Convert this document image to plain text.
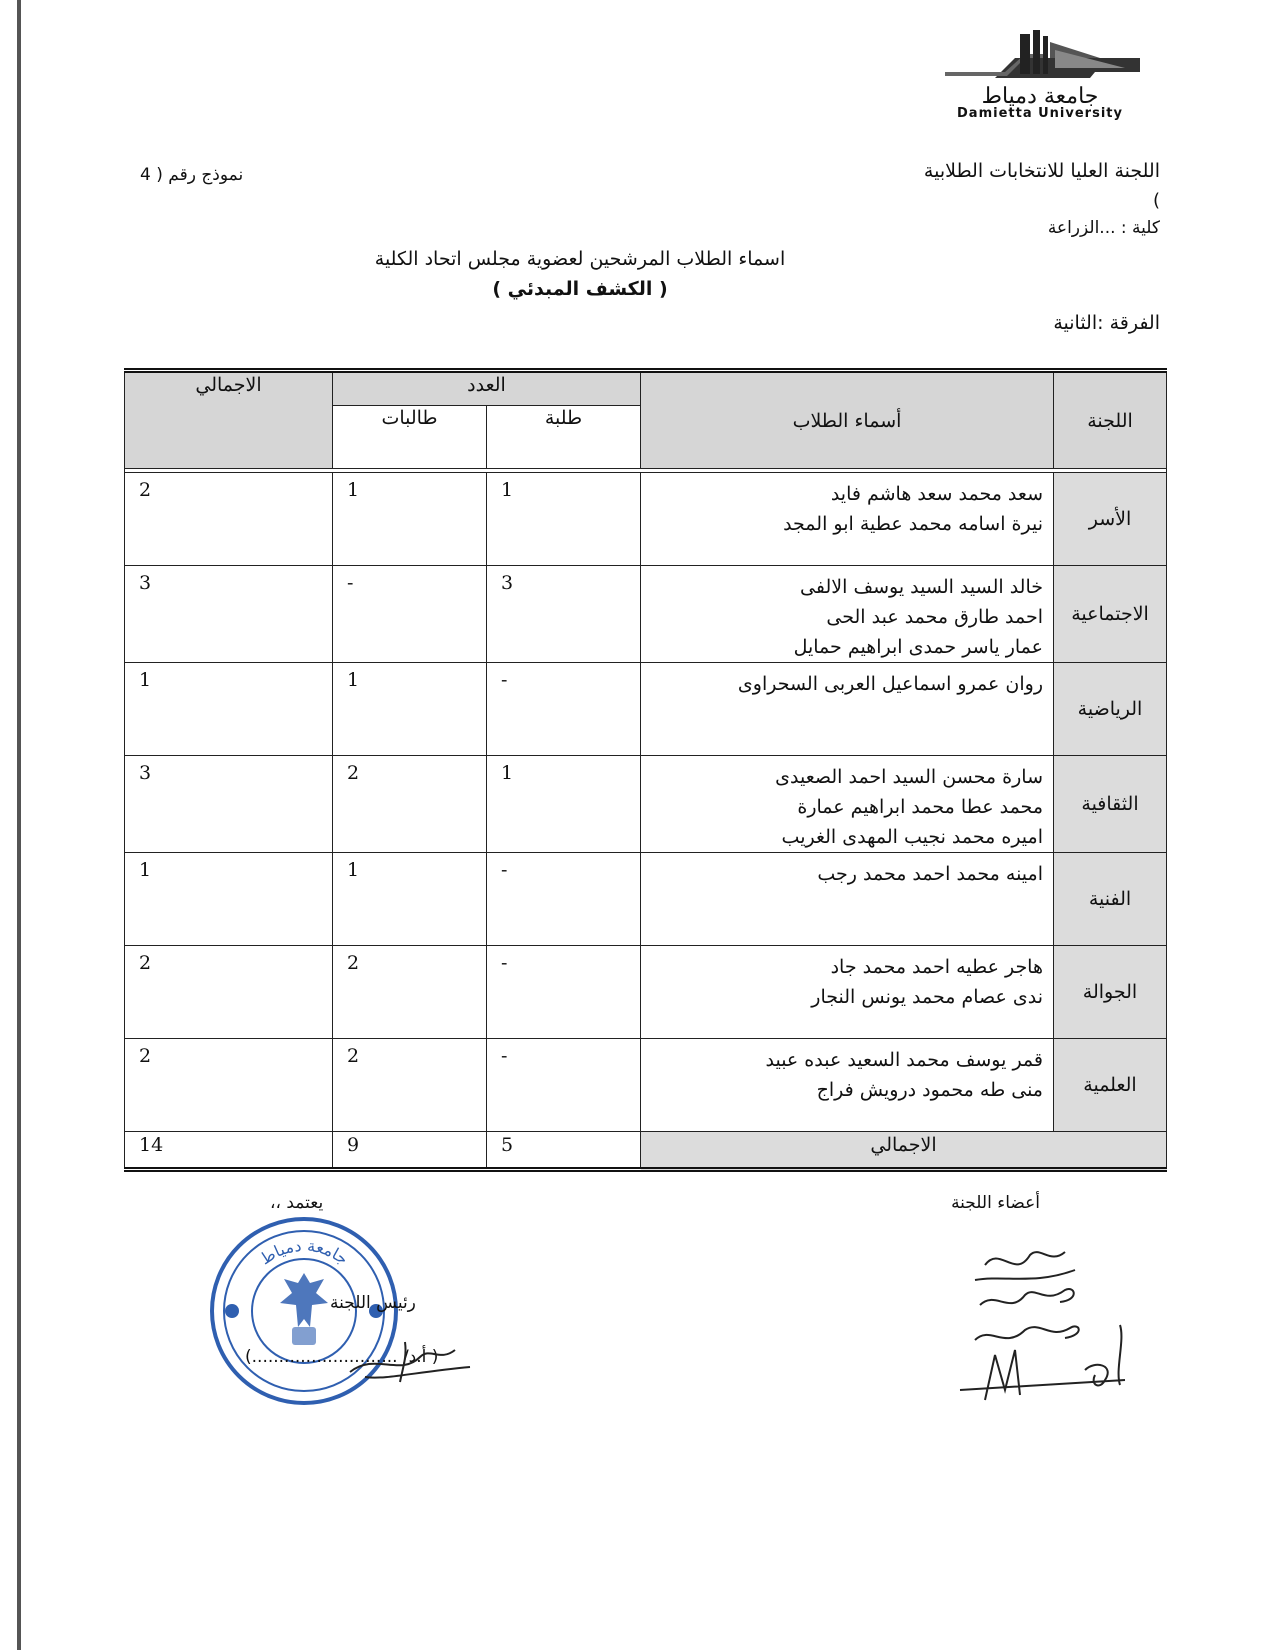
جامعة دمياط
Damietta University
اللجنة العليا للانتخابات الطلابية
)
كلية : ...الزراعة
نموذج رقم ( 4
اسماء الطلاب المرشحين لعضوية مجلس اتحاد الكلية
( الكشف المبدئي )
الفرقة :الثانية
اللجنة	أسماء الطلاب	العدد		الاجمالي
		طلبة	طالبات	

الأسر	سعد محمد سعد هاشم فايد
نيرة اسامه محمد عطية ابو المجد	1	1	2
الاجتماعية	خالد السيد السيد يوسف الالفى
احمد طارق محمد عبد الحى
عمار ياسر حمدى ابراهيم حمايل	3	-	3
الرياضية	روان عمرو اسماعيل العربى السحراوى	-	1	1
الثقافية	سارة محسن السيد احمد الصعيدى
محمد عطا محمد ابراهيم عمارة
اميره محمد نجيب المهدى الغريب	1	2	3
الفنية	امينه محمد احمد محمد رجب	-	1	1
الجوالة	هاجر عطيه احمد محمد جاد
ندى عصام محمد يونس النجار	-	2	2
العلمية	قمر يوسف محمد السعيد عبده عبيد
منى طه محمود درويش فراج	-	2	2
الاجمالي		5	9	14
أعضاء اللجنة
يعتمد ،،
جامعة دمياط
رئيس اللجنة
( أ.د/ ...........................)
